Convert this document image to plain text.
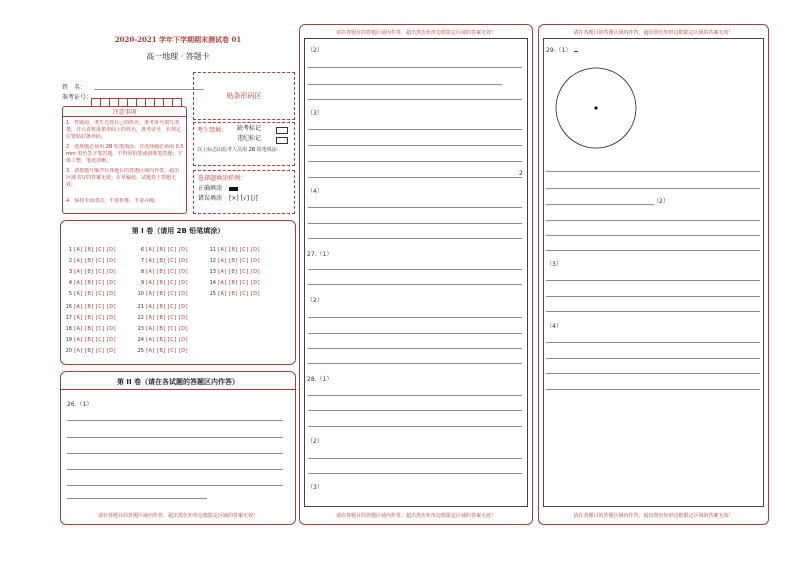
2020-2021 学年下学期期末测试卷 01
高一地理 · 答题卡
姓　名：
准考证号：	贴条形码区
注意事项
1．答题前，考生先将自己的姓名，准考证号填写清楚，并认真核准条形码上的姓名、准考证号，在规定位置贴好条形码。
2．选择题必须用 2B 铅笔填涂；非选择题必须用 0.5 mm 黑色签字笔答题，不得用铅笔或圆珠笔答题；字体工整、笔迹清晰。
3．请按题号顺序在各题目的答题区域内作答，超出区域书写的答案无效；在草稿纸、试题卷上答题无效。
4．保持卡面清洁，不要折叠、不要弄破。
考生禁填： 缺考标记
违纪标记
以上标志由监考人员用 2B 铅笔填涂
选择题填涂样例：
正确填涂
错误填涂 [×] [√] [/]
第 I 卷（请用 2B 铅笔填涂）
1 [A] [B] [C] [D]
2 [A] [B] [C] [D]
3 [A] [B] [C] [D]
4 [A] [B] [C] [D]
5 [A] [B] [C] [D]
6 [A] [B] [C] [D]
7 [A] [B] [C] [D]
8 [A] [B] [C] [D]
9 [A] [B] [C] [D]
10 [A] [B] [C] [D]
11 [A] [B] [C] [D]
12 [A] [B] [C] [D]
13 [A] [B] [C] [D]
14 [A] [B] [C] [D]
15 [A] [B] [C] [D]
16 [A] [B] [C] [D]
17 [A] [B] [C] [D]
18 [A] [B] [C] [D]
19 [A] [B] [C] [D]
20 [A] [B] [C] [D]
21 [A] [B] [C] [D]
22 [A] [B] [C] [D]
23 [A] [B] [C] [D]
24 [A] [B] [C] [D]
25 [A] [B] [C] [D]
第 II 卷（请在各试题的答题区内作答）
26.（1）
请在各题目的答题区域内作答，超出黑色矩形边框限定区域的答案无效！
请在各题目的答题区域内作答，超出黑色矩形边框限定区域的答案无效！
（2）
（3）
2
（4）
27.（1）
（2）
28.（1）
（2）
（3）
请在各题目的答题区域内作答，超出黑色矩形边框限定区域的答案无效！
请在各题目的答题区域内作答，超出黑色矩形边框限定区域的答案无效！
29.（1）
（2）
（3）
（4）
请在各题目的答题区域内作答，超出黑色矩形边框限定区域的答案无效！
